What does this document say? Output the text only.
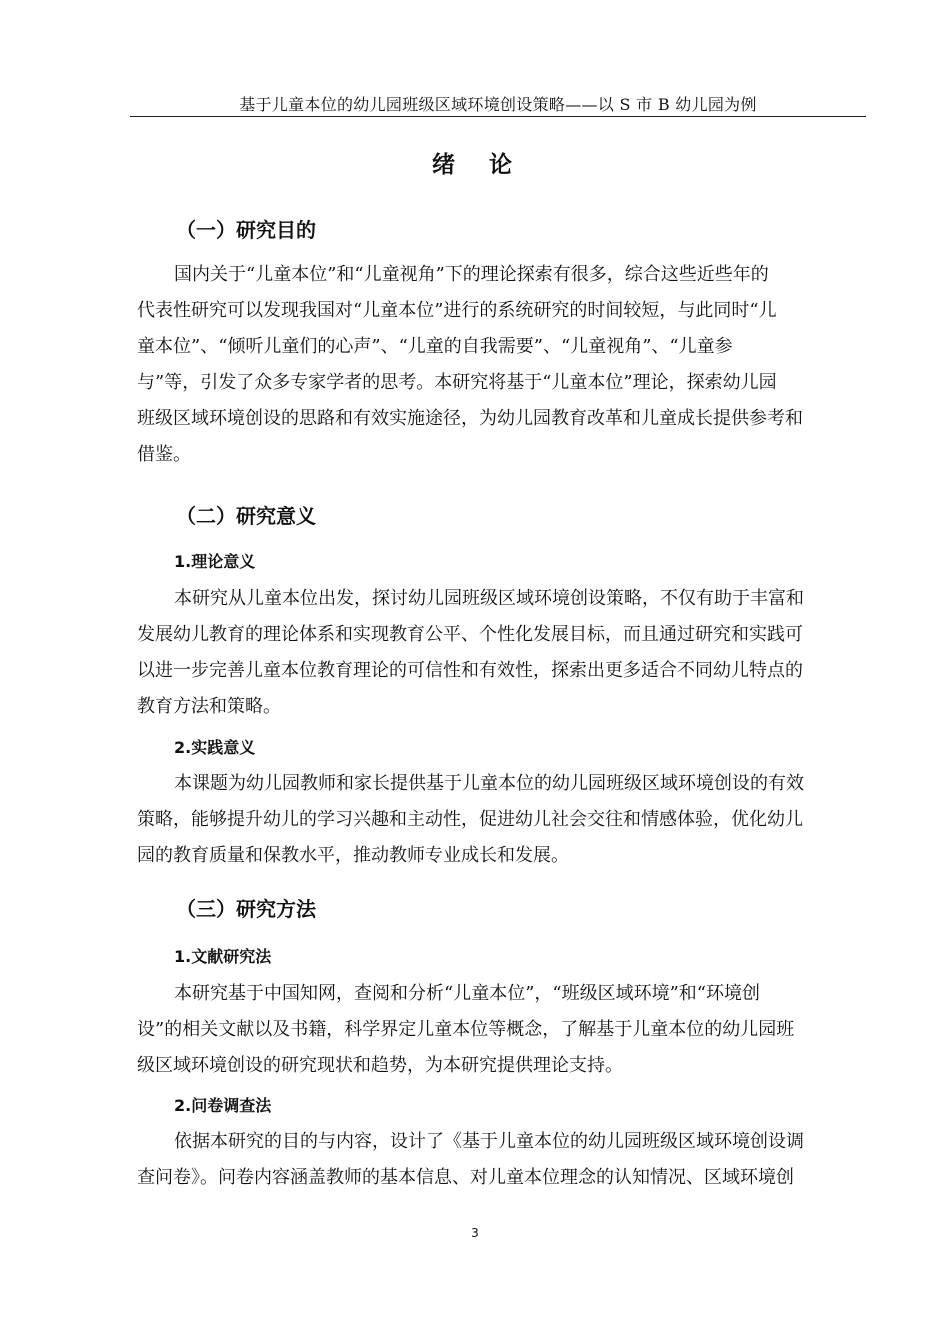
基于儿童本位的幼儿园班级区域环境创设策略——以 S 市 B 幼儿园为例
绪  论
（一）研究目的
国内关于“儿童本位”和“儿童视角”下的理论探索有很多，综合这些近些年的
代表性研究可以发现我国对“儿童本位”进行的系统研究的时间较短，与此同时“儿
童本位”、“倾听儿童们的心声”、“儿童的自我需要”、“儿童视角”、“儿童参
与”等，引发了众多专家学者的思考。本研究将基于“儿童本位”理论，探索幼儿园
班级区域环境创设的思路和有效实施途径，为幼儿园教育改革和儿童成长提供参考和
借鉴。
（二）研究意义
1.理论意义
本研究从儿童本位出发，探讨幼儿园班级区域环境创设策略，不仅有助于丰富和
发展幼儿教育的理论体系和实现教育公平、个性化发展目标，而且通过研究和实践可
以进一步完善儿童本位教育理论的可信性和有效性，探索出更多适合不同幼儿特点的
教育方法和策略。
2.实践意义
本课题为幼儿园教师和家长提供基于儿童本位的幼儿园班级区域环境创设的有效
策略，能够提升幼儿的学习兴趣和主动性，促进幼儿社会交往和情感体验，优化幼儿
园的教育质量和保教水平，推动教师专业成长和发展。
（三）研究方法
1.文献研究法
本研究基于中国知网，查阅和分析“儿童本位”，“班级区域环境”和“环境创
设”的相关文献以及书籍，科学界定儿童本位等概念，了解基于儿童本位的幼儿园班
级区域环境创设的研究现状和趋势，为本研究提供理论支持。
2.问卷调查法
依据本研究的目的与内容，设计了《基于儿童本位的幼儿园班级区域环境创设调
查问卷》。问卷内容涵盖教师的基本信息、对儿童本位理念的认知情况、区域环境创
3
